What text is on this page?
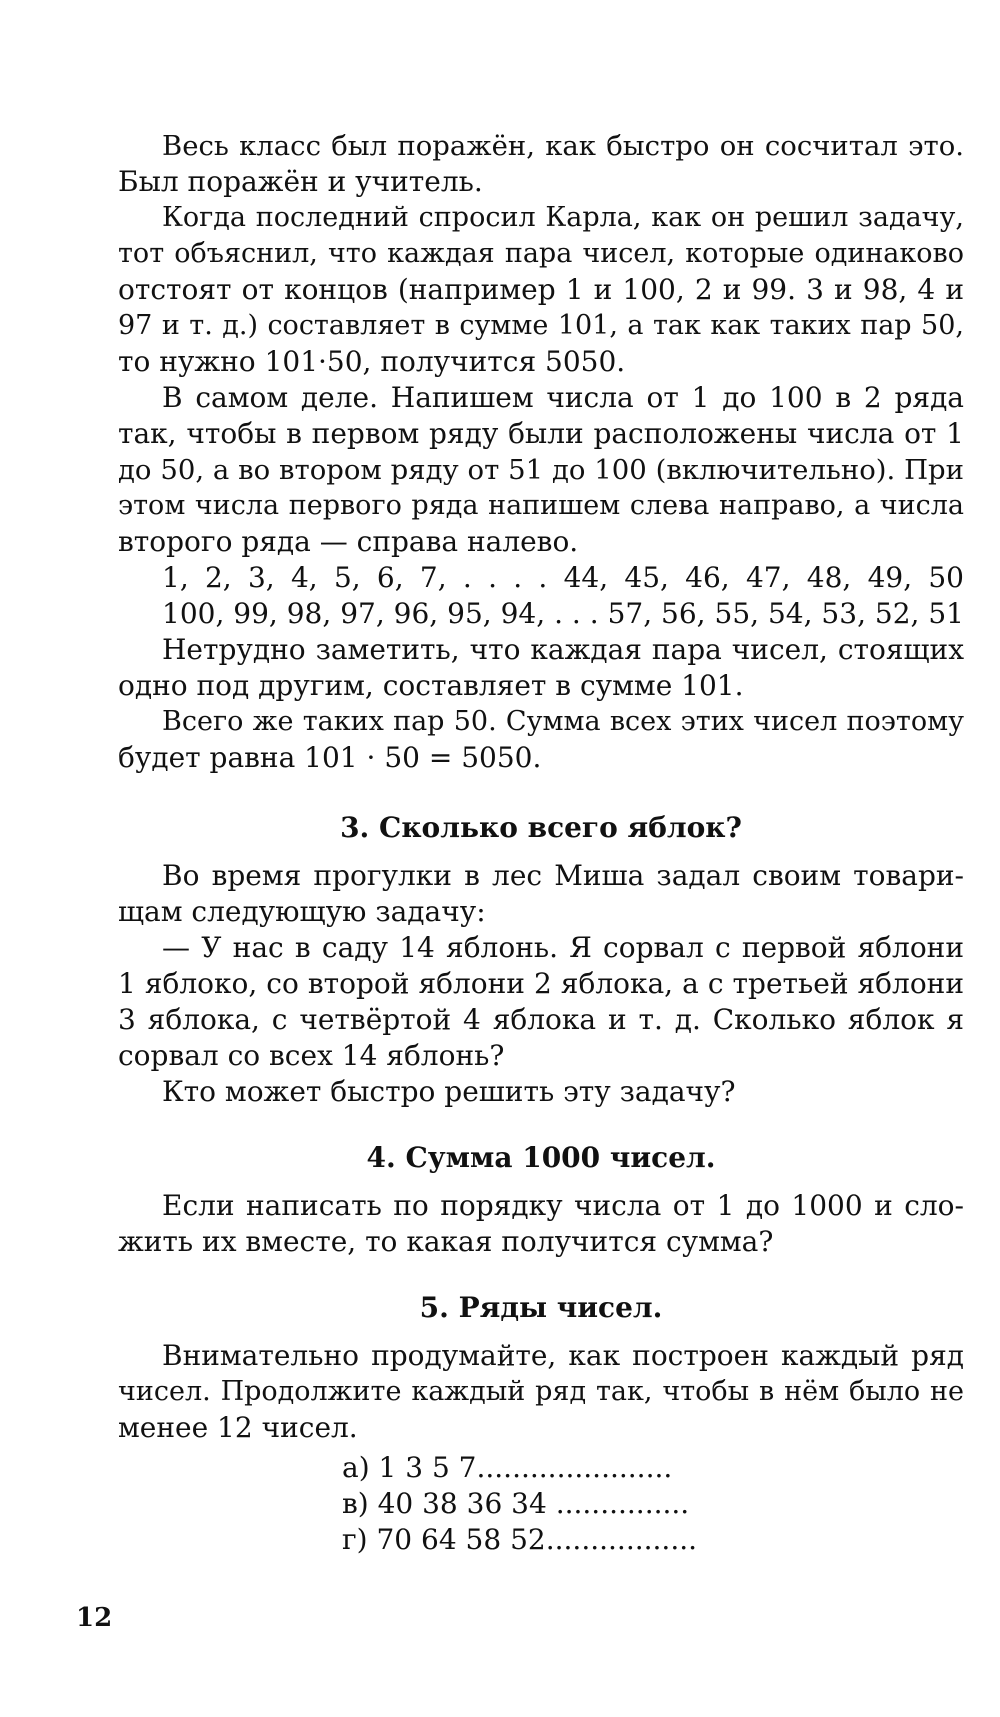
Весь класс был поражён, как быстро он сосчитал это.
Был поражён и учитель.
Когда последний спросил Карла, как он решил задачу,
тот объяснил, что каждая пара чисел, которые одинаково
отстоят от концов (например 1 и 100, 2 и 99. 3 и 98, 4 и
97 и т. д.) составляет в сумме 101, а так как таких пар 50,
то нужно 101·50, получится 5050.
В самом деле. Напишем числа от 1 до 100 в 2 ряда
так, чтобы в первом ряду были расположены числа от 1
до 50, а во втором ряду от 51 до 100 (включительно). При
этом числа первого ряда напишем слева направо, а числа
второго ряда — справа налево.
1, 2, 3, 4, 5, 6, 7, . . . . 44, 45, 46, 47, 48, 49, 50
100, 99, 98, 97, 96, 95, 94, . . . 57, 56, 55, 54, 53, 52, 51
Нетрудно заметить, что каждая пара чисел, стоящих
одно под другим, составляет в сумме 101.
Всего же таких пар 50. Сумма всех этих чисел поэтому
будет равна 101 · 50 = 5050.
3. Сколько всего яблок?
Во время прогулки в лес Миша задал своим товари-
щам следующую задачу:
— У нас в саду 14 яблонь. Я сорвал с первой яблони
1 яблоко, со второй яблони 2 яблока, а с третьей яблони
3 яблока, с четвёртой 4 яблока и т. д. Сколько яблок я
сорвал со всех 14 яблонь?
Кто может быстро решить эту задачу?
4. Сумма 1000 чисел.
Если написать по порядку числа от 1 до 1000 и сло-
жить их вместе, то какая получится сумма?
5. Ряды чисел.
Внимательно продумайте, как построен каждый ряд
чисел. Продолжите каждый ряд так, чтобы в нём было не
менее 12 чисел.
а) 1 3 5 7......................
в) 40 38 36 34 ...............
г) 70 64 58 52.................
12
